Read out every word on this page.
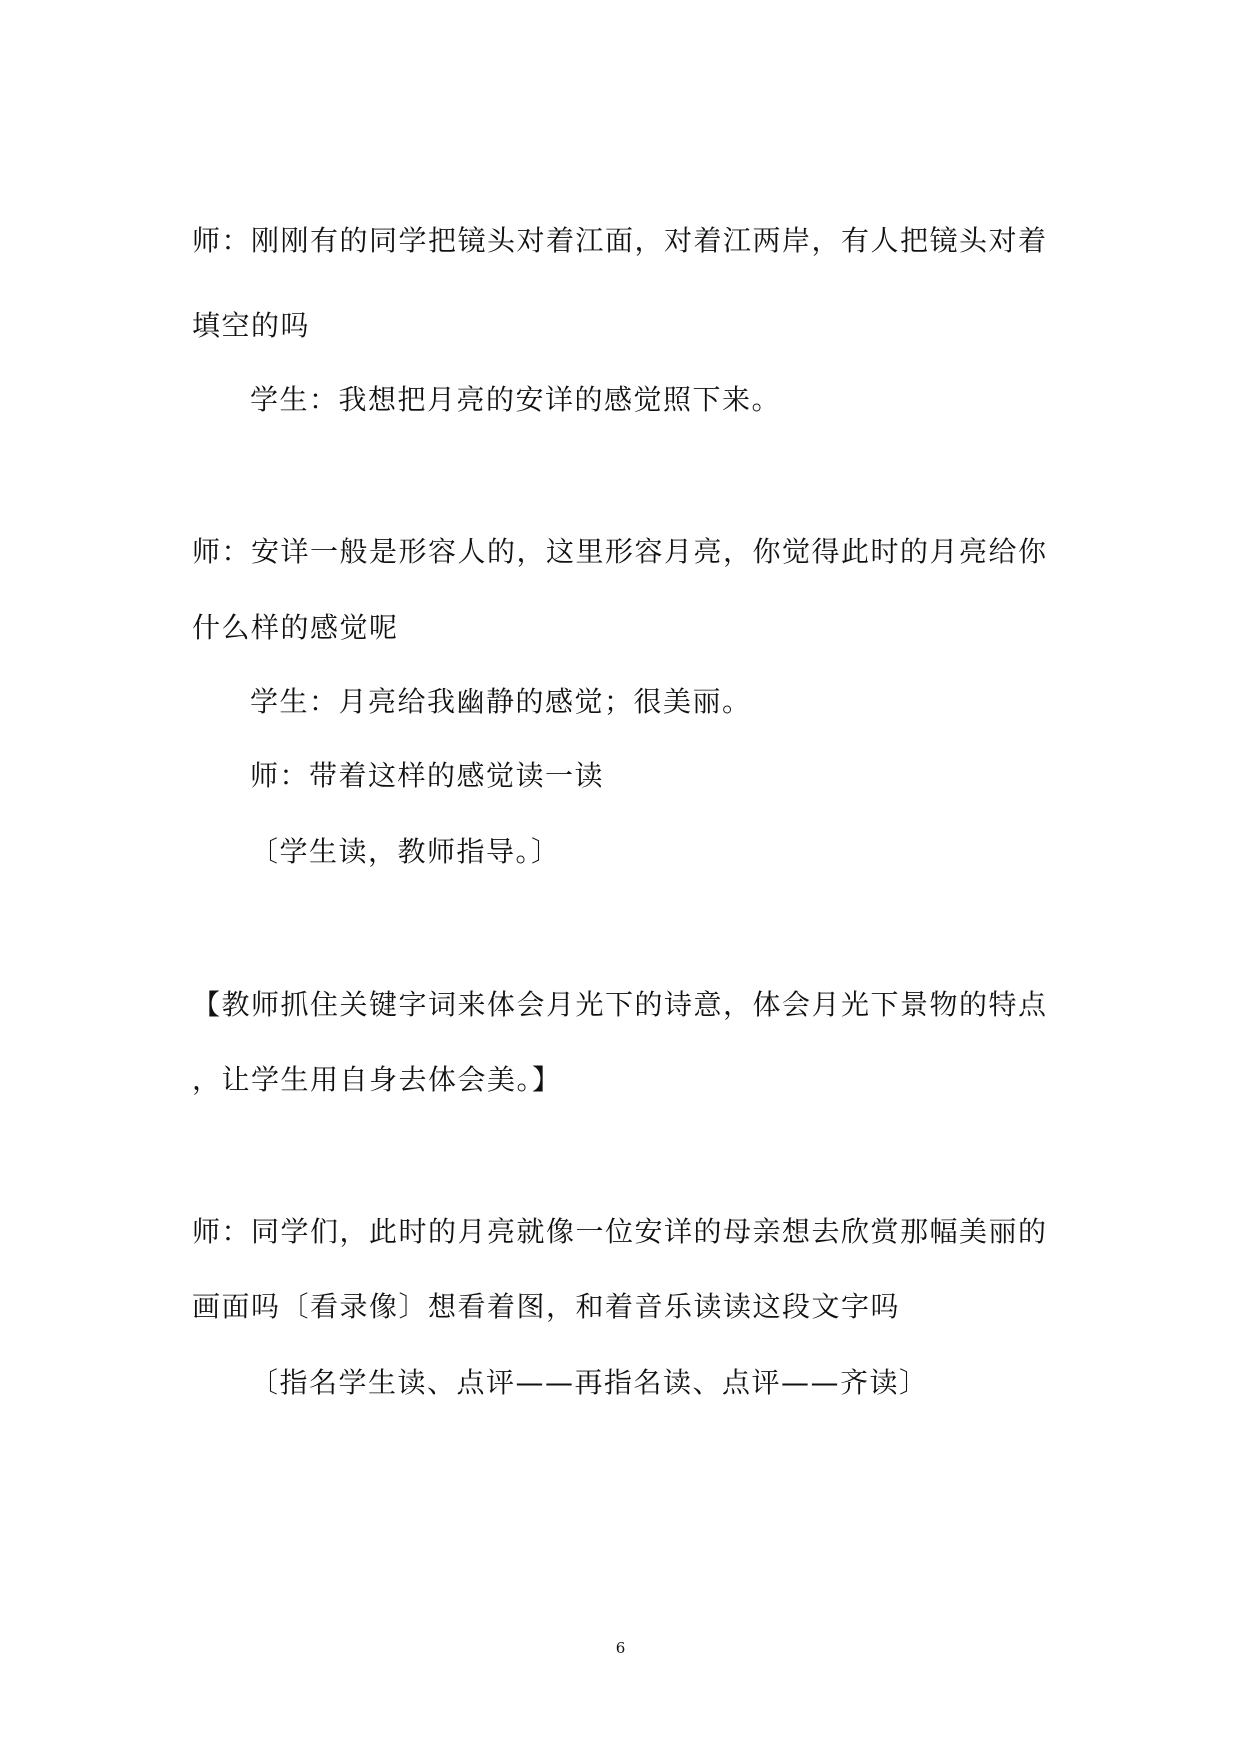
师：刚刚有的同学把镜头对着江面，对着江两岸，有人把镜头对着
填空的吗
学生：我想把月亮的安详的感觉照下来。
师：安详一般是形容人的，这里形容月亮，你觉得此时的月亮给你
什么样的感觉呢
学生：月亮给我幽静的感觉；很美丽。
师：带着这样的感觉读一读
〔学生读，教师指导。〕
【教师抓住关键字词来体会月光下的诗意，体会月光下景物的特点
，让学生用自身去体会美。】
师：同学们，此时的月亮就像一位安详的母亲想去欣赏那幅美丽的
画面吗〔看录像〕想看着图，和着音乐读读这段文字吗
〔指名学生读、点评——再指名读、点评——齐读〕
6
